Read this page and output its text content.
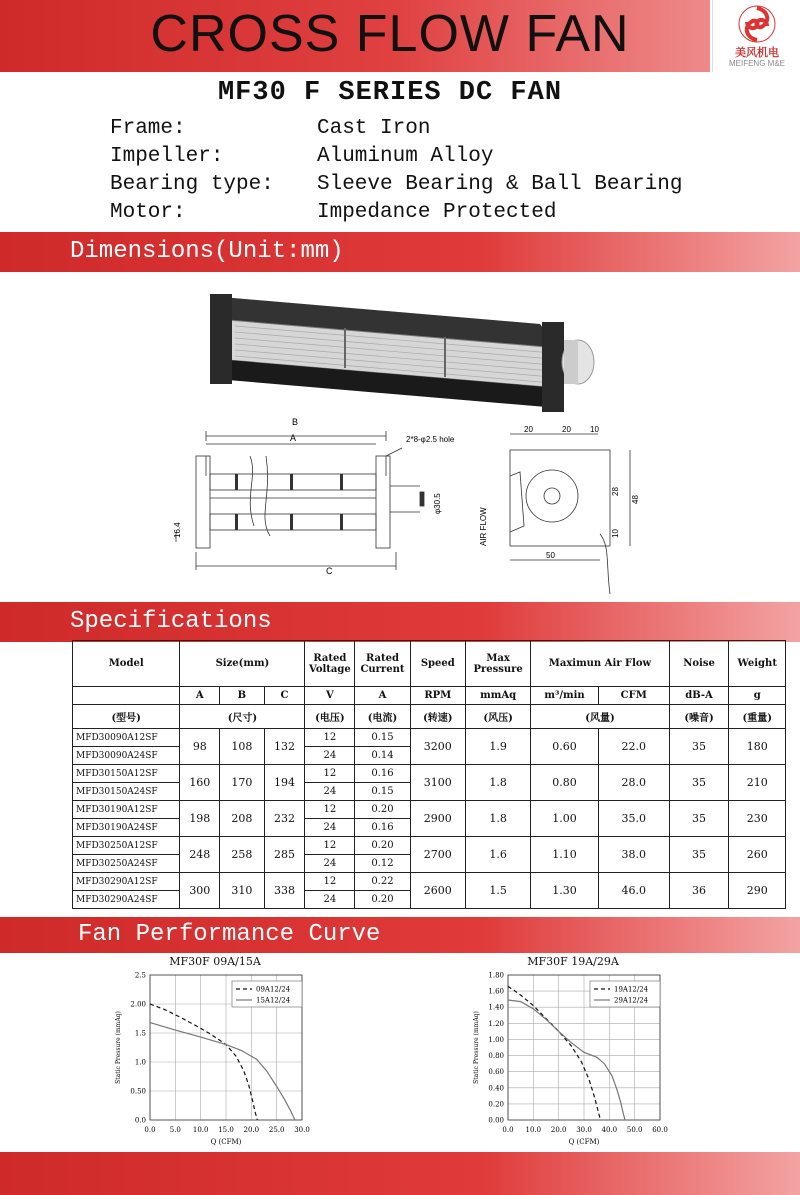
CROSS FLOW FAN	美风机电
MEIFENG M&E
MF30 F SERIES DC FAN
Frame:	Cast Iron
Impeller:	Aluminum Alloy
Bearing type: Sleeve Bearing & Ball Bearing
Motor:	Impedance Protected
Dimensions(Unit:mm)
B
A	2*8-φ2.5 hole
C
16.4
φ30.5
20	20 10
48
28
10
50
AIR FLOW
Specifications
Model	Size(mm)			Rated
Voltage	Rated
Current	Speed	Max
Pressure	Maximun Air Flow		Noise	Weight
	A	B	C	V	A	RPM	mmAq	m³/min	CFM	dB-A	g
(型号)	(尺寸)			(电压)	(电流)	(转速)	(风压)	(风量)		(噪音)	(重量)
MFD30090A12SF	98	108	132	12	0.15	3200	1.9	0.60	22.0	35	180
MFD30090A24SF				24	0.14						
MFD30150A12SF	160	170	194	12	0.16	3100	1.8	0.80	28.0	35	210
MFD30150A24SF				24	0.15						
MFD30190A12SF	198	208	232	12	0.20	2900	1.8	1.00	35.0	35	230
MFD30190A24SF				24	0.16						
MFD30250A12SF	248	258	285	12	0.20	2700	1.6	1.10	38.0	35	260
MFD30250A24SF				24	0.12						
MFD30290A12SF	300	310	338	12	0.22	2600	1.5	1.30	46.0	36	290
MFD30290A24SF				24	0.20						
Fan Performance Curve
MF30F 09A/15A
0.0 5.0 10.0 15.0 20.0 25.0 30.0
0.0
0.50
1.0
1.5
2.00
2.5
09A12/24
15A12/24
Q (CFM)
Static Pressure (mmAq)
MF30F 19A/29A
0.0 10.0 20.0 30.0 40.0 50.0 60.0
0.00
0.20
0.40
0.60
0.80
1.00
1.20
1.40
1.60
1.80
19A12/24
29A12/24
Q (CFM)
Static Pressure (mmAq)
